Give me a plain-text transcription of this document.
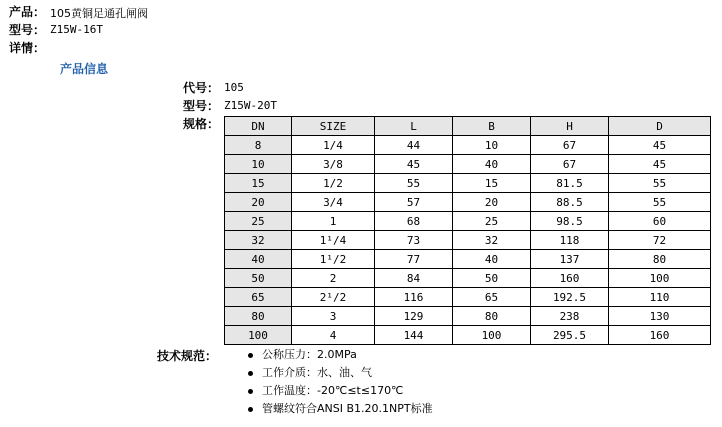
产品： 105黄铜足通孔闸阀
型号： Z15W-16T
详情：
产品信息
代号： 105
型号： Z15W-20T
规格：	DN	SIZE	L	B	H	D
8	1/4	44	10	67	45
10	3/8	45	40	67	45
15	1/2	55	15	81.5	55
20	3/4	57	20	88.5	55
25	1	68	25	98.5	60
32	1¹/4	73	32	118	72
40	1¹/2	77	40	137	80
50	2	84	50	160	100
65	2¹/2	116	65	192.5	110
80	3	129	80	238	130
100	4	144	100	295.5	160
技术规范：	公称压力：2.0MPa
工作介质：水、油、气
工作温度：-20℃≤t≤170℃
管螺纹符合ANSI B1.20.1NPT标准
